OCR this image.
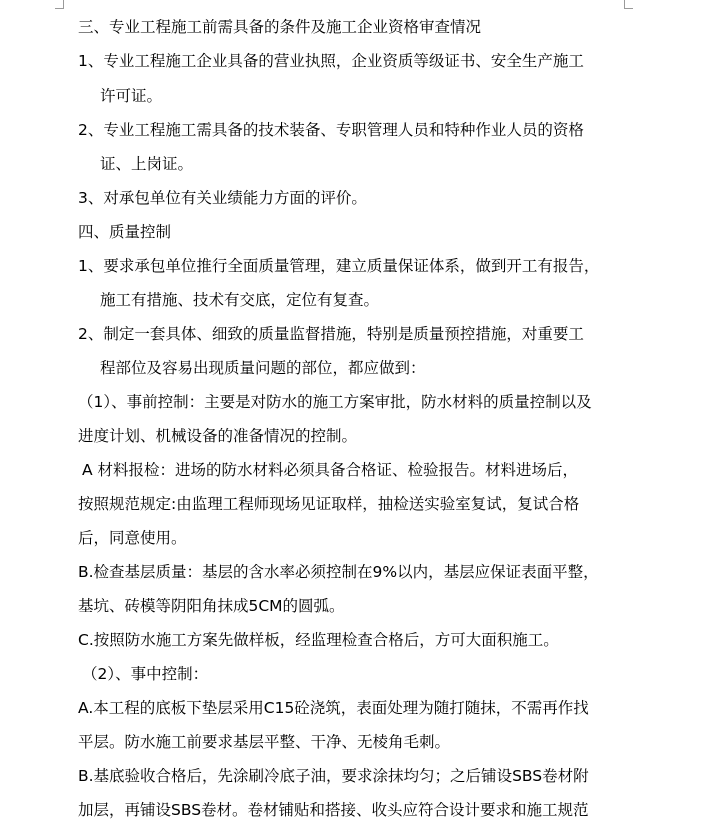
三、专业工程施工前需具备的条件及施工企业资格审查情况
1、专业工程施工企业具备的营业执照，企业资质等级证书、安全生产施工
许可证。
2、专业工程施工需具备的技术装备、专职管理人员和特种作业人员的资格
证、上岗证。
3、对承包单位有关业绩能力方面的评价。
四、质量控制
1、要求承包单位推行全面质量管理，建立质量保证体系，做到开工有报告，
施工有措施、技术有交底，定位有复查。
2、制定一套具体、细致的质量监督措施，特别是质量预控措施，对重要工
程部位及容易出现质量问题的部位，都应做到：
（1）、事前控制：主要是对防水的施工方案审批，防水材料的质量控制以及
进度计划、机械设备的准备情况的控制。
A 材料报检：进场的防水材料必须具备合格证、检验报告。材料进场后，
按照规范规定:由监理工程师现场见证取样，抽检送实验室复试，复试合格
后，同意使用。
B.检查基层质量：基层的含水率必须控制在9%以内，基层应保证表面平整，
基坑、砖模等阴阳角抹成5CM的圆弧。
C.按照防水施工方案先做样板，经监理检查合格后，方可大面积施工。
（2）、事中控制：
A.本工程的底板下垫层采用C15砼浇筑，表面处理为随打随抹，不需再作找
平层。防水施工前要求基层平整、干净、无棱角毛刺。
B.基底验收合格后，先涂刷冷底子油，要求涂抹均匀；之后铺设SBS卷材附
加层，再铺设SBS卷材。卷材铺贴和搭接、收头应符合设计要求和施工规范
